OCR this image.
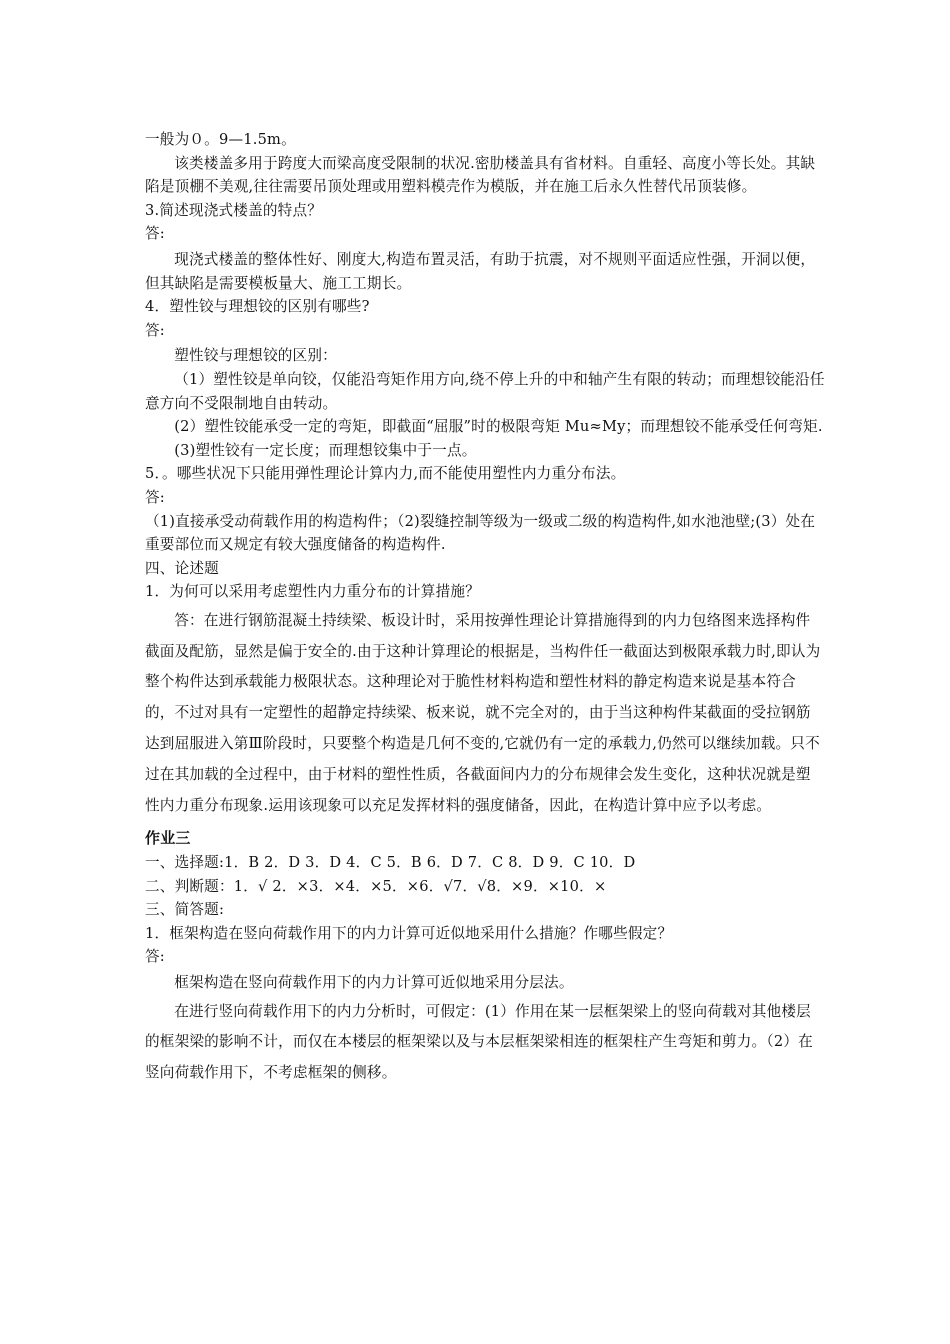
一般为０。9—1.5m。

该类楼盖多用于跨度大而梁高度受限制的状况.密肋楼盖具有省材料。自重轻、高度小等长处。其缺陷是顶棚不美观,往往需要吊顶处理或用塑料模壳作为模版，并在施工后永久性替代吊顶装修。

3.简述现浇式楼盖的特点？

答:

现浇式楼盖的整体性好、刚度大,构造布置灵活，有助于抗震，对不规则平面适应性强，开洞以便，但其缺陷是需要模板量大、施工工期长。

4．塑性铰与理想铰的区别有哪些?

答:

塑性铰与理想铰的区别：

（1）塑性铰是单向铰，仅能沿弯矩作用方向,绕不停上升的中和轴产生有限的转动；而理想铰能沿任意方向不受限制地自由转动。

(2）塑性铰能承受一定的弯矩，即截面“屈服”时的极限弯矩 Mu≈My；而理想铰不能承受任何弯矩.

(3)塑性铰有一定长度；而理想铰集中于一点。

5．。哪些状况下只能用弹性理论计算内力,而不能使用塑性内力重分布法。

答:

（1)直接承受动荷载作用的构造构件；（2)裂缝控制等级为一级或二级的构造构件,如水池池壁;(3）处在重要部位而又规定有较大强度储备的构造构件.

四、论述题

1．为何可以采用考虑塑性内力重分布的计算措施？

答：在进行钢筋混凝土持续梁、板设计时，采用按弹性理论计算措施得到的内力包络图来选择构件截面及配筋，显然是偏于安全的.由于这种计算理论的根据是，当构件任一截面达到极限承载力时,即认为整个构件达到承载能力极限状态。这种理论对于脆性材料构造和塑性材料的静定构造来说是基本符合的，不过对具有一定塑性的超静定持续梁、板来说，就不完全对的，由于当这种构件某截面的受拉钢筋达到屈服进入第Ⅲ阶段时，只要整个构造是几何不变的,它就仍有一定的承载力,仍然可以继续加载。只不过在其加载的全过程中，由于材料的塑性性质，各截面间内力的分布规律会发生变化，这种状况就是塑性内力重分布现象.运用该现象可以充足发挥材料的强度储备，因此，在构造计算中应予以考虑。

作业三

一、选择题:1．B 2．D 3．D 4．C 5．B 6．D 7．C 8．D 9．C 10．D

二、判断题：1．√ 2．×3．×4．×5．×6．√7．√8．×9．×10．×

三、简答题:

1．框架构造在竖向荷载作用下的内力计算可近似地采用什么措施？作哪些假定？

答:

框架构造在竖向荷载作用下的内力计算可近似地采用分层法。

在进行竖向荷载作用下的内力分析时，可假定：(1）作用在某一层框架梁上的竖向荷载对其他楼层的框架梁的影响不计，而仅在本楼层的框架梁以及与本层框架梁相连的框架柱产生弯矩和剪力。（2）在竖向荷载作用下，不考虑框架的侧移。
